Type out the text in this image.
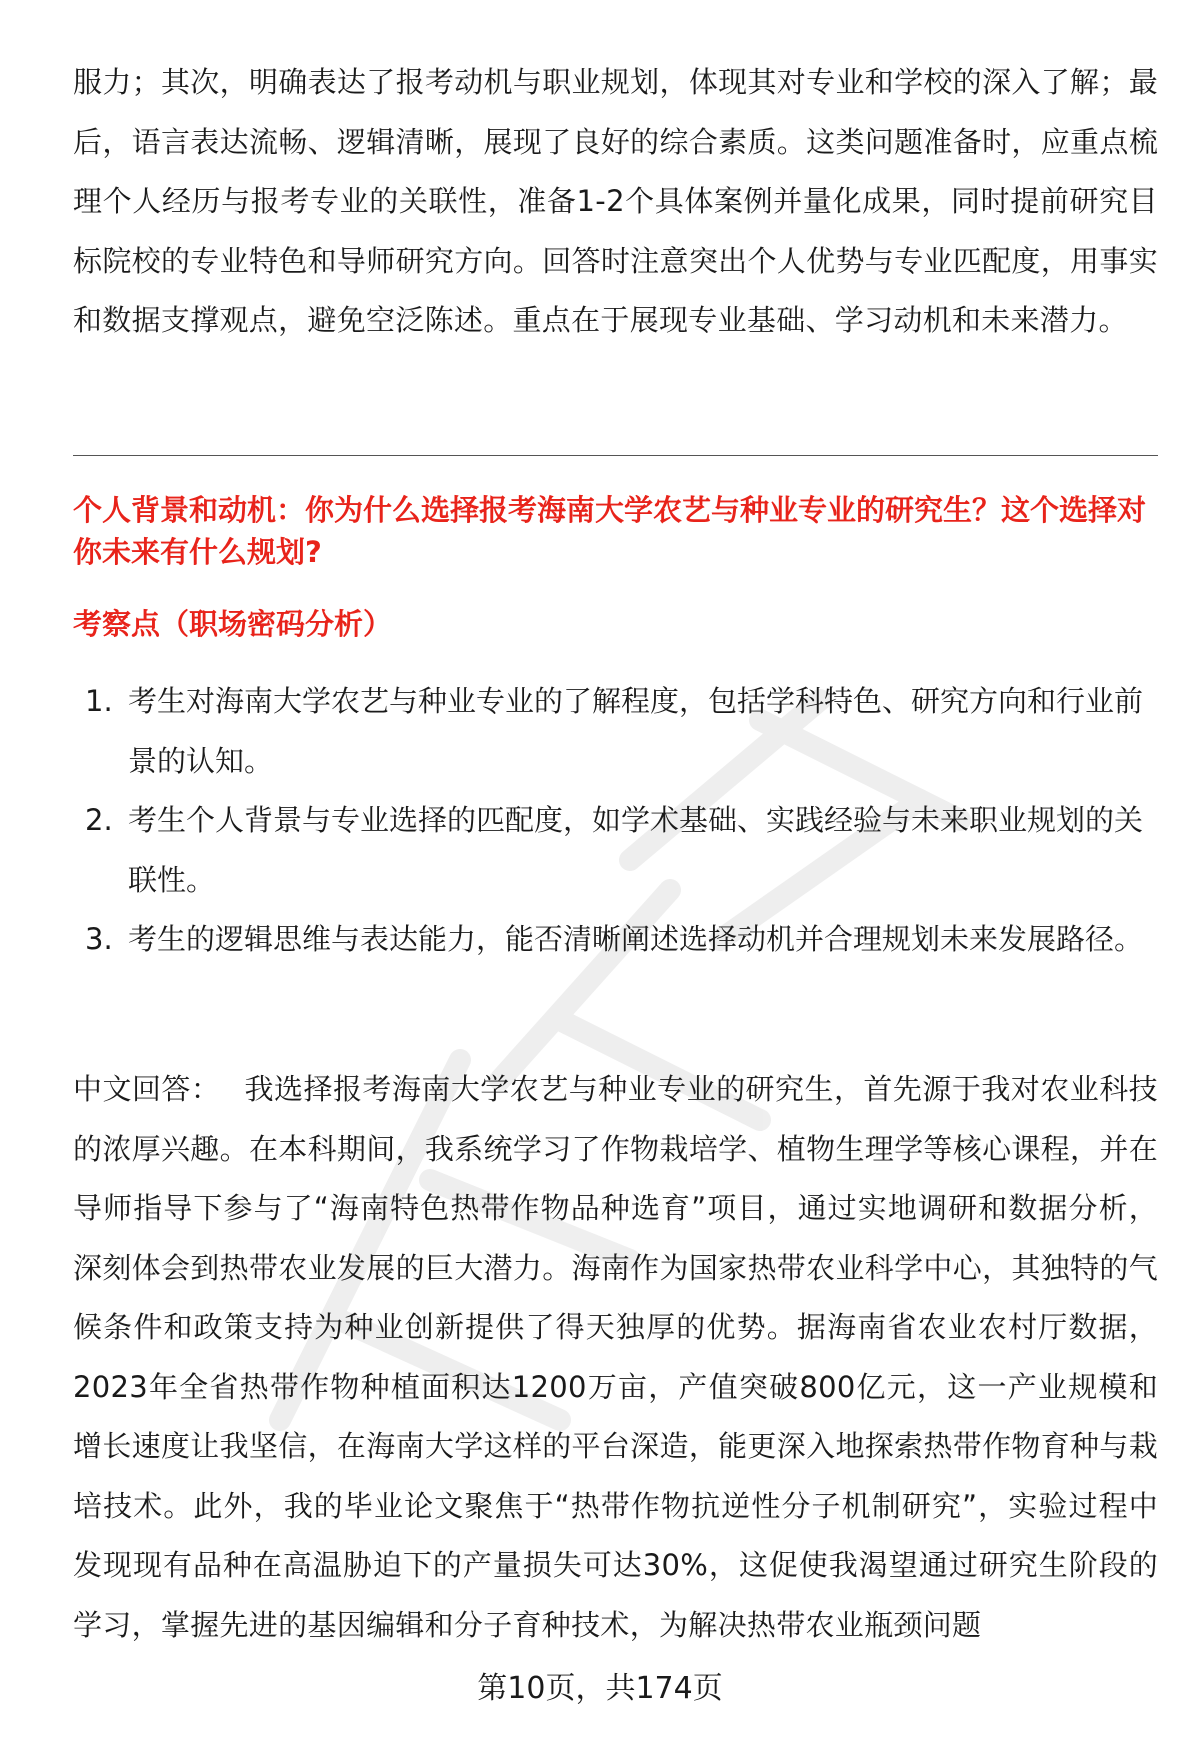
服力；其次，明确表达了报考动机与职业规划，体现其对专业和学校的深入了解；最后，语言表达流畅、逻辑清晰，展现了良好的综合素质。这类问题准备时，应重点梳理个人经历与报考专业的关联性，准备1-2个具体案例并量化成果，同时提前研究目标院校的专业特色和导师研究方向。回答时注意突出个人优势与专业匹配度，用事实和数据支撑观点，避免空泛陈述。重点在于展现专业基础、学习动机和未来潜力。

个人背景和动机：你为什么选择报考海南大学农艺与种业专业的研究生？这个选择对你未来有什么规划?
考察点（职场密码分析）
1. 考生对海南大学农艺与种业专业的了解程度，包括学科特色、研究方向和行业前景的认知。
2. 考生个人背景与专业选择的匹配度，如学术基础、实践经验与未来职业规划的关联性。
3. 考生的逻辑思维与表达能力，能否清晰阐述选择动机并合理规划未来发展路径。

中文回答： 我选择报考海南大学农艺与种业专业的研究生，首先源于我对农业科技的浓厚兴趣。在本科期间，我系统学习了作物栽培学、植物生理学等核心课程，并在导师指导下参与了“海南特色热带作物品种选育”项目，通过实地调研和数据分析，深刻体会到热带农业发展的巨大潜力。海南作为国家热带农业科学中心，其独特的气候条件和政策支持为种业创新提供了得天独厚的优势。据海南省农业农村厅数据，2023年全省热带作物种植面积达1200万亩，产值突破800亿元，这一产业规模和增长速度让我坚信，在海南大学这样的平台深造，能更深入地探索热带作物育种与栽培技术。此外，我的毕业论文聚焦于“热带作物抗逆性分子机制研究”，实验过程中发现现有品种在高温胁迫下的产量损失可达30%，这促使我渴望通过研究生阶段的学习，掌握先进的基因编辑和分子育种技术，为解决热带农业瓶颈问题

第10页，共174页
